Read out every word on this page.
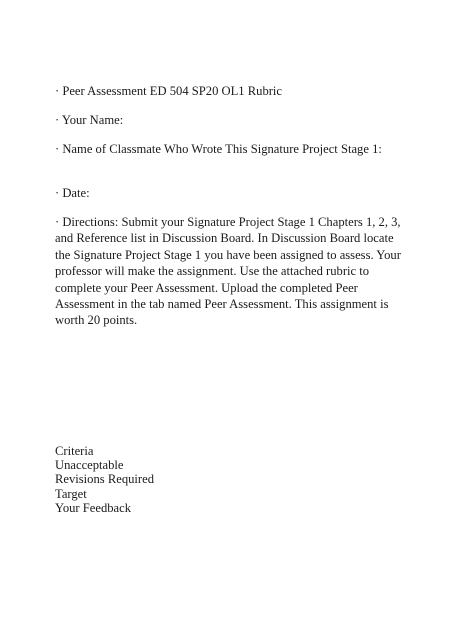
· Peer Assessment ED 504 SP20 OL1 Rubric

· Your Name:

· Name of Classmate Who Wrote This Signature Project Stage 1:

· Date:

· Directions: Submit your Signature Project Stage 1 Chapters 1, 2, 3, and Reference list in Discussion Board. In Discussion Board locate the Signature Project Stage 1 you have been assigned to assess. Your professor will make the assignment. Use the attached rubric to complete your Peer Assessment. Upload the completed Peer Assessment in the tab named Peer Assessment. This assignment is worth 20 points.

Criteria
Unacceptable
Revisions Required
Target
Your Feedback
